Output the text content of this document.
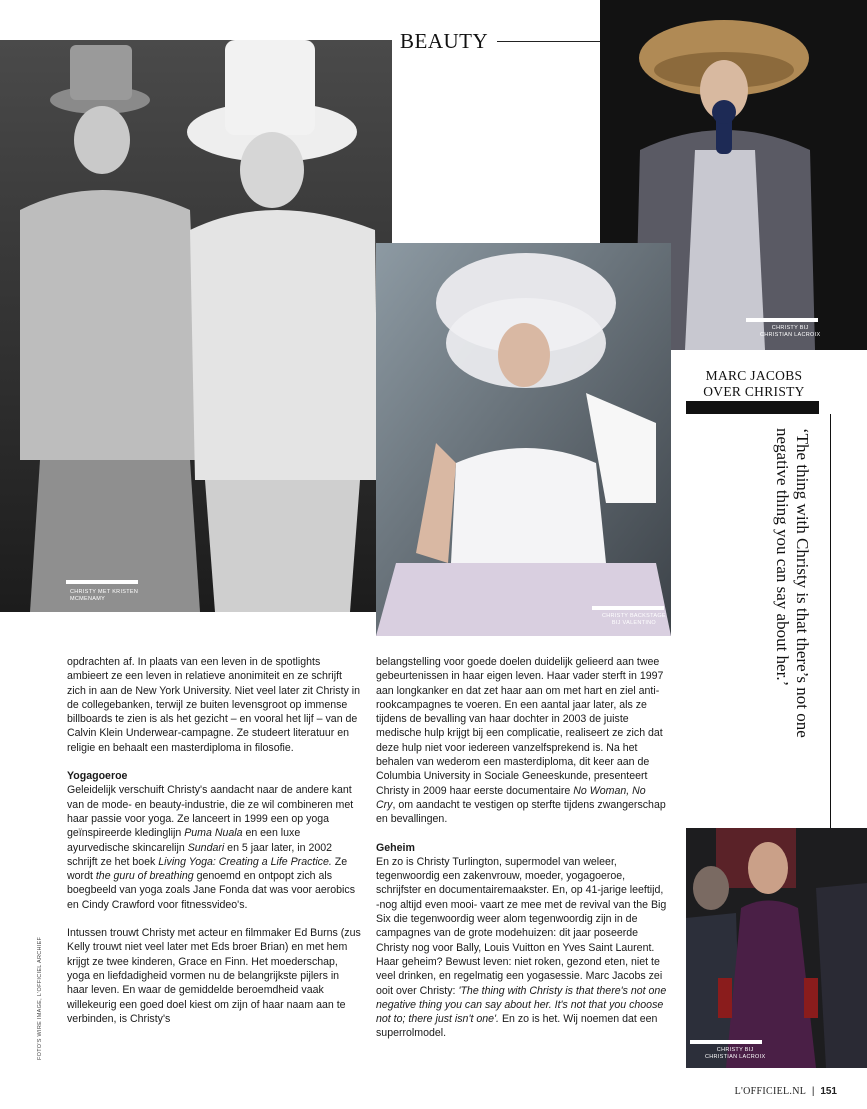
CHRISTY MET KRISTEN
MCMENAMY
BEAUTY
CHRISTY BIJ
CHRISTIAN LACROIX
CHRISTY BACKSTAGE
BIJ VALENTINO
MARC JACOBS
OVER CHRISTY
‘The thing with Christy is that there’s not one negative thing you can say about her.’
CHRISTY BIJ
CHRISTIAN LACROIX
FOTO'S WIRE IMAGE, L'OFFICIEL ARCHIEF

opdrachten af. In plaats van een leven in de spotlights ambieert ze een leven in relatieve anonimiteit en ze schrijft zich in aan de New York University. Niet veel later zit Christy in de collegebanken, terwijl ze buiten levensgroot op immense billboards te zien is als het gezicht – en vooral het lijf – van de Calvin Klein Underwear-campagne. Ze studeert literatuur en religie en behaalt een masterdiploma in filosofie.

Yogagoeroe
Geleidelijk verschuift Christy's aandacht naar de andere kant van de mode- en beauty-industrie, die ze wil combineren met haar passie voor yoga. Ze lanceert in 1999 een op yoga geïnspireerde kledinglijn Puma Nuala en een luxe ayurvedische skincarelijn Sundari en 5 jaar later, in 2002 schrijft ze het boek Living Yoga: Creating a Life Practice. Ze wordt the guru of breathing genoemd en ontpopt zich als boegbeeld van yoga zoals Jane Fonda dat was voor aerobics en Cindy Crawford voor fitnessvideo's.

Intussen trouwt Christy met acteur en filmmaker Ed Burns (zus Kelly trouwt niet veel later met Eds broer Brian) en met hem krijgt ze twee kinderen, Grace en Finn. Het moederschap, yoga en liefdadigheid vormen nu de belangrijkste pijlers in haar leven. En waar de gemiddelde beroemdheid vaak willekeurig een goed doel kiest om zijn of haar naam aan te verbinden, is Christy's

belangstelling voor goede doelen duidelijk gelieerd aan twee gebeurtenissen in haar eigen leven. Haar vader sterft in 1997 aan longkanker en dat zet haar aan om met hart en ziel anti-rookcampagnes te voeren. En een aantal jaar later, als ze tijdens de bevalling van haar dochter in 2003 de juiste medische hulp krijgt bij een complicatie, realiseert ze zich dat deze hulp niet voor iedereen vanzelfsprekend is. Na het behalen van wederom een masterdiploma, dit keer aan de Columbia University in Sociale Geneeskunde, presenteert Christy in 2009 haar eerste documentaire No Woman, No Cry, om aandacht te vestigen op sterfte tijdens zwangerschap en bevallingen.

Geheim
En zo is Christy Turlington, supermodel van weleer, tegenwoordig een zakenvrouw, moeder, yogagoeroe, schrijfster en documentairemaakster. En, op 41-jarige leeftijd, -nog altijd even mooi- vaart ze mee met de revival van the Big Six die tegenwoordig weer alom tegenwoordig zijn in de campagnes van de grote modehuizen: dit jaar poseerde Christy nog voor Bally, Louis Vuitton en Yves Saint Laurent. Haar geheim? Bewust leven: niet roken, gezond eten, niet te veel drinken, en regelmatig een yogasessie. Marc Jacobs zei ooit over Christy: 'The thing with Christy is that there's not one negative thing you can say about her. It's not that you choose not to; there just isn't one'. En zo is het. Wij noemen dat een superrolmodel.

L'OFFICIEL.NL | 151
